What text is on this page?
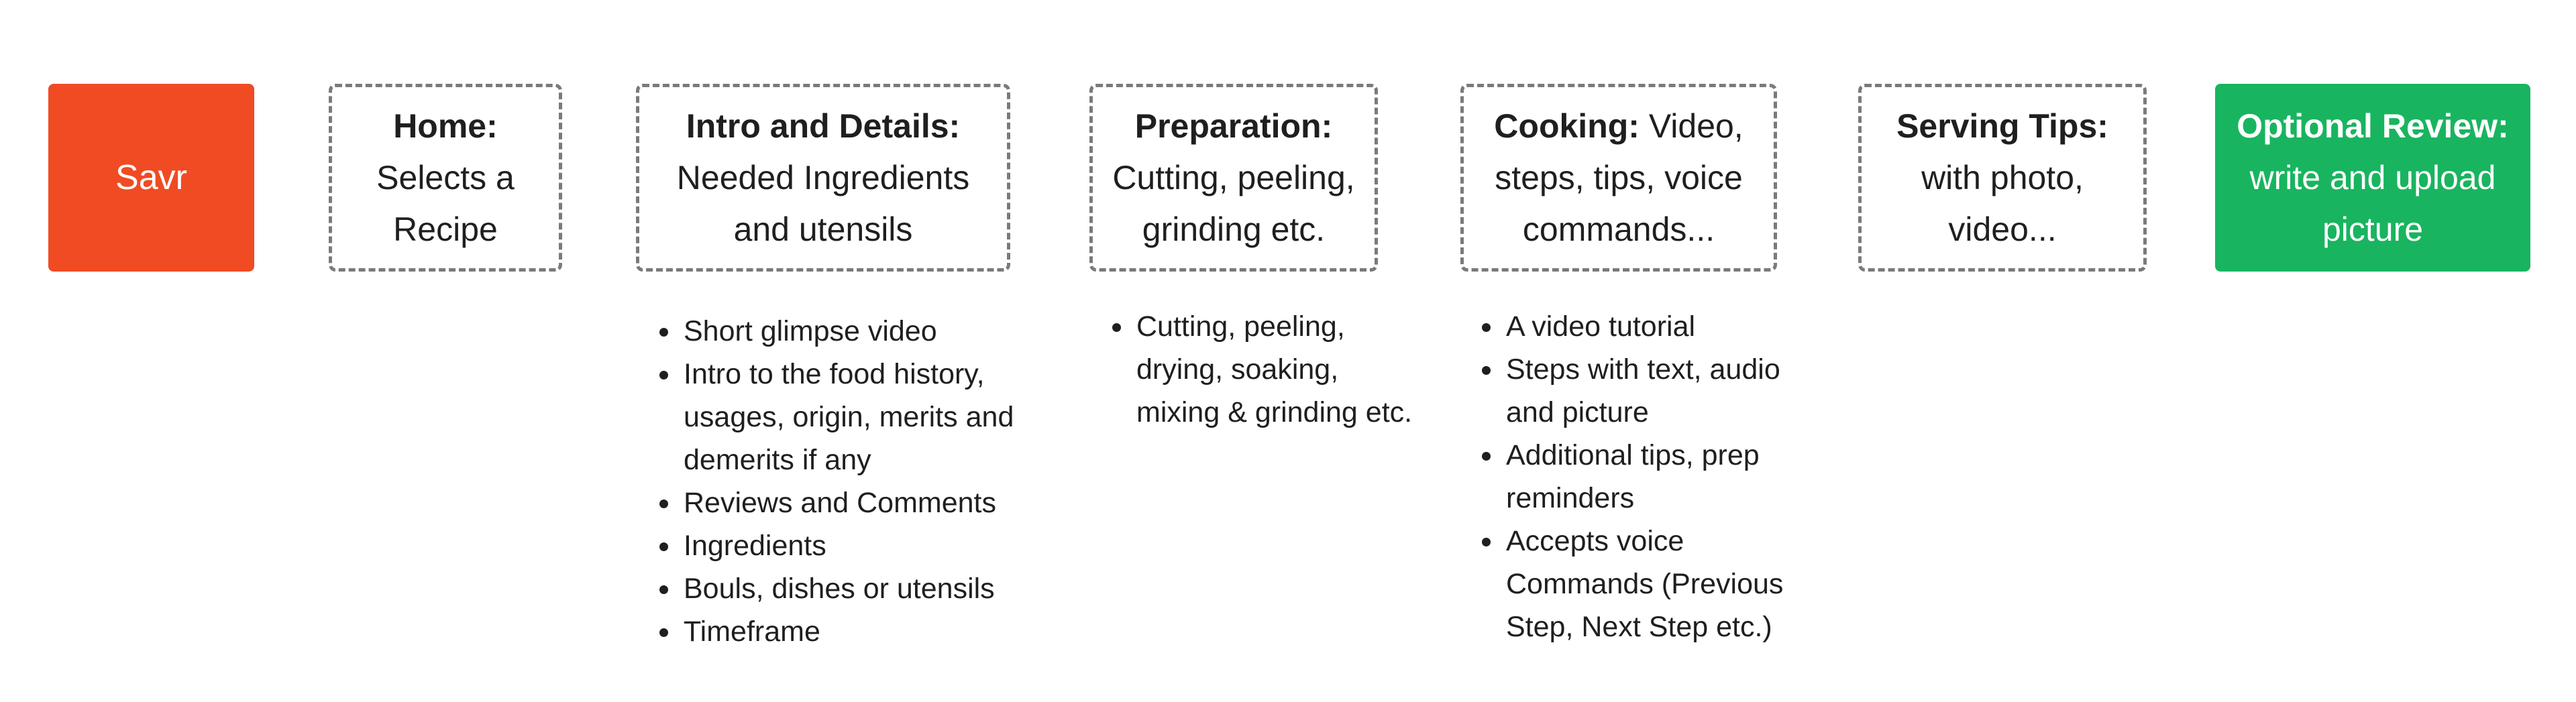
Savr
Home:
Selects a
Recipe
Intro and Details:
Needed Ingredients
and utensils
Preparation:
Cutting, peeling,
grinding etc.
Cooking: Video,
steps, tips, voice
commands...
Serving Tips:
with photo,
video...
Optional Review:
write and upload
picture
• Short glimpse video
• Intro to the food history, usages, origin, merits and demerits if any
• Reviews and Comments
• Ingredients
• Bouls, dishes or utensils
• Timeframe
• Cutting, peeling, drying, soaking, mixing & grinding etc.
• A video tutorial
• Steps with text, audio and picture
• Additional tips, prep reminders
• Accepts voice Commands (Previous Step, Next Step etc.)
